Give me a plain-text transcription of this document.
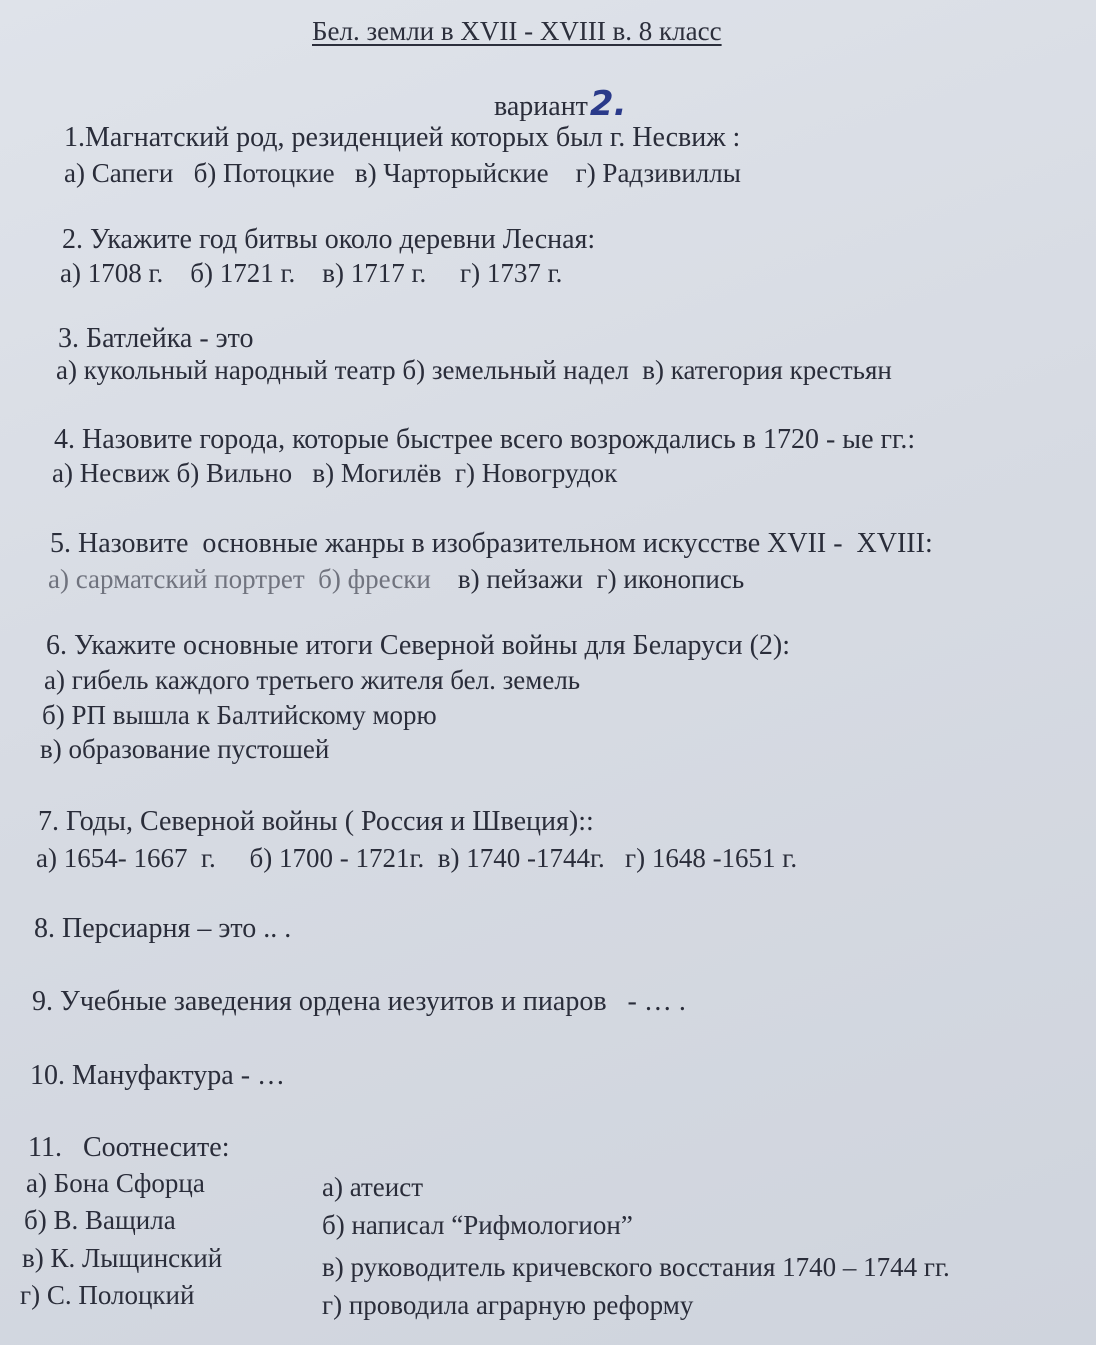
Бел. земли в XVII - XVIII в. 8 класс
вариант2.
1.Магнатский род, резиденцией которых был г. Несвиж :
а) Сапеги   б) Потоцкие   в) Чарторыйские    г) Радзивиллы
2. Укажите год битвы около деревни Лесная:
а) 1708 г.    б) 1721 г.    в) 1717 г.     г) 1737 г.
3. Батлейка - это
а) кукольный народный театр б) земельный надел  в) категория крестьян
4. Назовите города, которые быстрее всего возрождались в 1720 - ые гг.:
а) Несвиж б) Вильно   в) Могилёв  г) Новогрудок
5. Назовите  основные жанры в изобразительном искусстве XVII -  XVIII:
а) сарматский портрет  б) фрески    в) пейзажи  г) иконопись
6. Укажите основные итоги Северной войны для Беларуси (2):
а) гибель каждого третьего жителя бел. земель
б) РП вышла к Балтийскому морю
в) образование пустошей
7. Годы, Северной войны ( Россия и Швеция)::
а) 1654- 1667  г.     б) 1700 - 1721г.  в) 1740 -1744г.   г) 1648 -1651 г.
8. Персиарня – это .. .
9. Учебные заведения ордена иезуитов и пиаров   - … .
10. Мануфактура - …
11.   Соотнесите:
а) Бона Сфорца
б) В. Ващила
в) К. Лыщинский
г) С. Полоцкий
а) атеист
б) написал “Рифмологион”
в) руководитель кричевского восстания 1740 – 1744 гг.
г) проводила аграрную реформу
